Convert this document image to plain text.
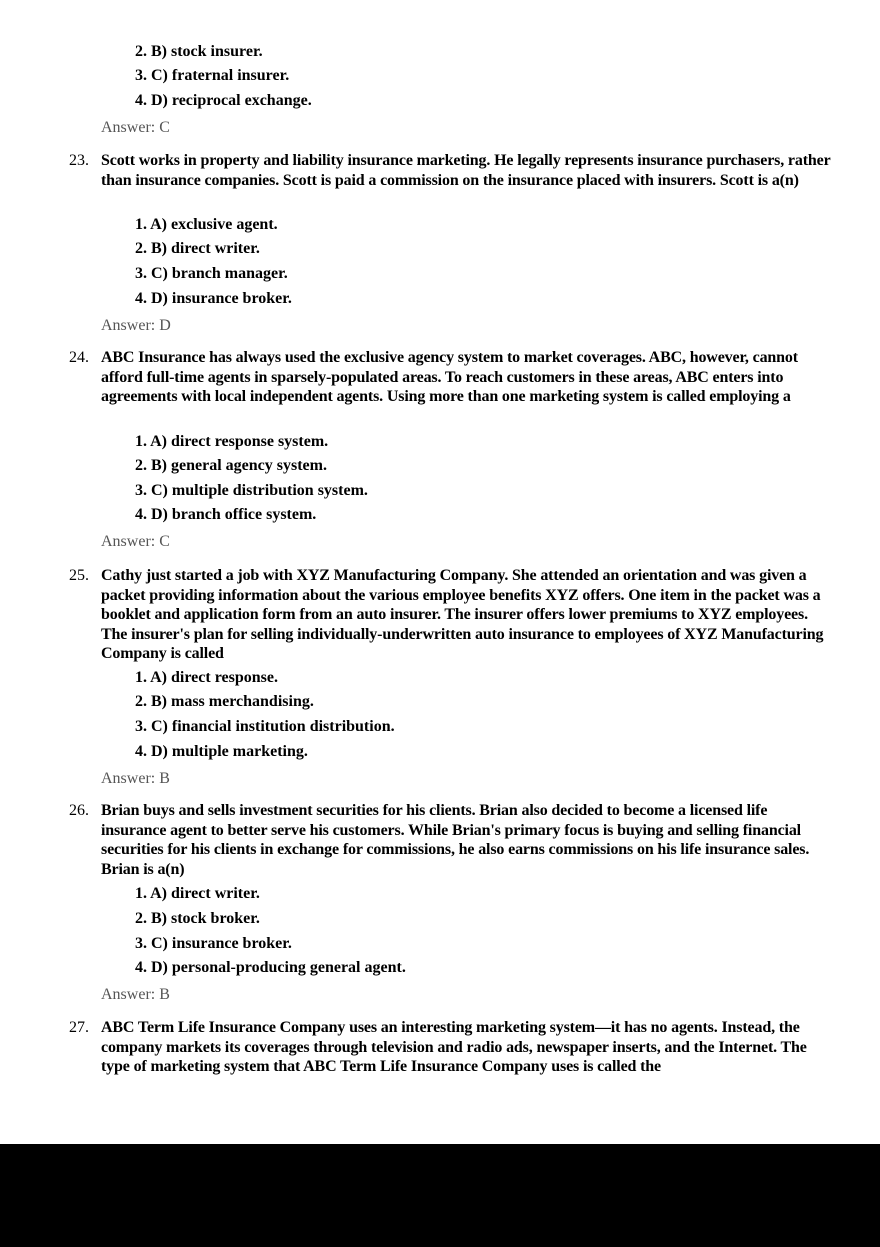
2. B) stock insurer.
3. C) fraternal insurer.
4. D) reciprocal exchange.
Answer: C
23. Scott works in property and liability insurance marketing. He legally represents insurance purchasers, rather than insurance companies. Scott is paid a commission on the insurance placed with insurers. Scott is a(n)
1. A) exclusive agent.
2. B) direct writer.
3. C) branch manager.
4. D) insurance broker.
Answer: D
24. ABC Insurance has always used the exclusive agency system to market coverages. ABC, however, cannot afford full-time agents in sparsely-populated areas. To reach customers in these areas, ABC enters into agreements with local independent agents. Using more than one marketing system is called employing a
1. A) direct response system.
2. B) general agency system.
3. C) multiple distribution system.
4. D) branch office system.
Answer: C
25. Cathy just started a job with XYZ Manufacturing Company. She attended an orientation and was given a packet providing information about the various employee benefits XYZ offers. One item in the packet was a booklet and application form from an auto insurer. The insurer offers lower premiums to XYZ employees. The insurer's plan for selling individually-underwritten auto insurance to employees of XYZ Manufacturing Company is called
1. A) direct response.
2. B) mass merchandising.
3. C) financial institution distribution.
4. D) multiple marketing.
Answer: B
26. Brian buys and sells investment securities for his clients. Brian also decided to become a licensed life insurance agent to better serve his customers. While Brian's primary focus is buying and selling financial securities for his clients in exchange for commissions, he also earns commissions on his life insurance sales. Brian is a(n)
1. A) direct writer.
2. B) stock broker.
3. C) insurance broker.
4. D) personal-producing general agent.
Answer: B
27. ABC Term Life Insurance Company uses an interesting marketing system—it has no agents. Instead, the company markets its coverages through television and radio ads, newspaper inserts, and the Internet. The type of marketing system that ABC Term Life Insurance Company uses is called the
